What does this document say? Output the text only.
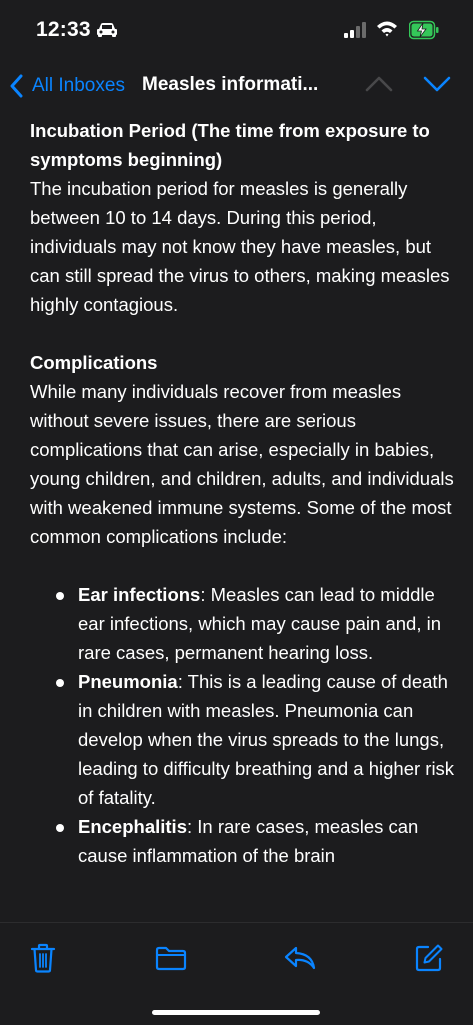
12:33
All Inboxes Measles informati...

Incubation Period (The time from exposure to symptoms beginning)

The incubation period for measles is generally between 10 to 14 days. During this period, individuals may not know they have measles, but can still spread the virus to others, making measles highly contagious.

Complications

While many individuals recover from measles without severe issues, there are serious complications that can arise, especially in babies, young children, and children, adults, and individuals with weakened immune systems. Some of the most common complications include:

Ear infections: Measles can lead to middle ear infections, which may cause pain and, in rare cases, permanent hearing loss.
Pneumonia: This is a leading cause of death in children with measles. Pneumonia can develop when the virus spreads to the lungs, leading to difficulty breathing and a higher risk of fatality.
Encephalitis: In rare cases, measles can cause inflammation of the brain
